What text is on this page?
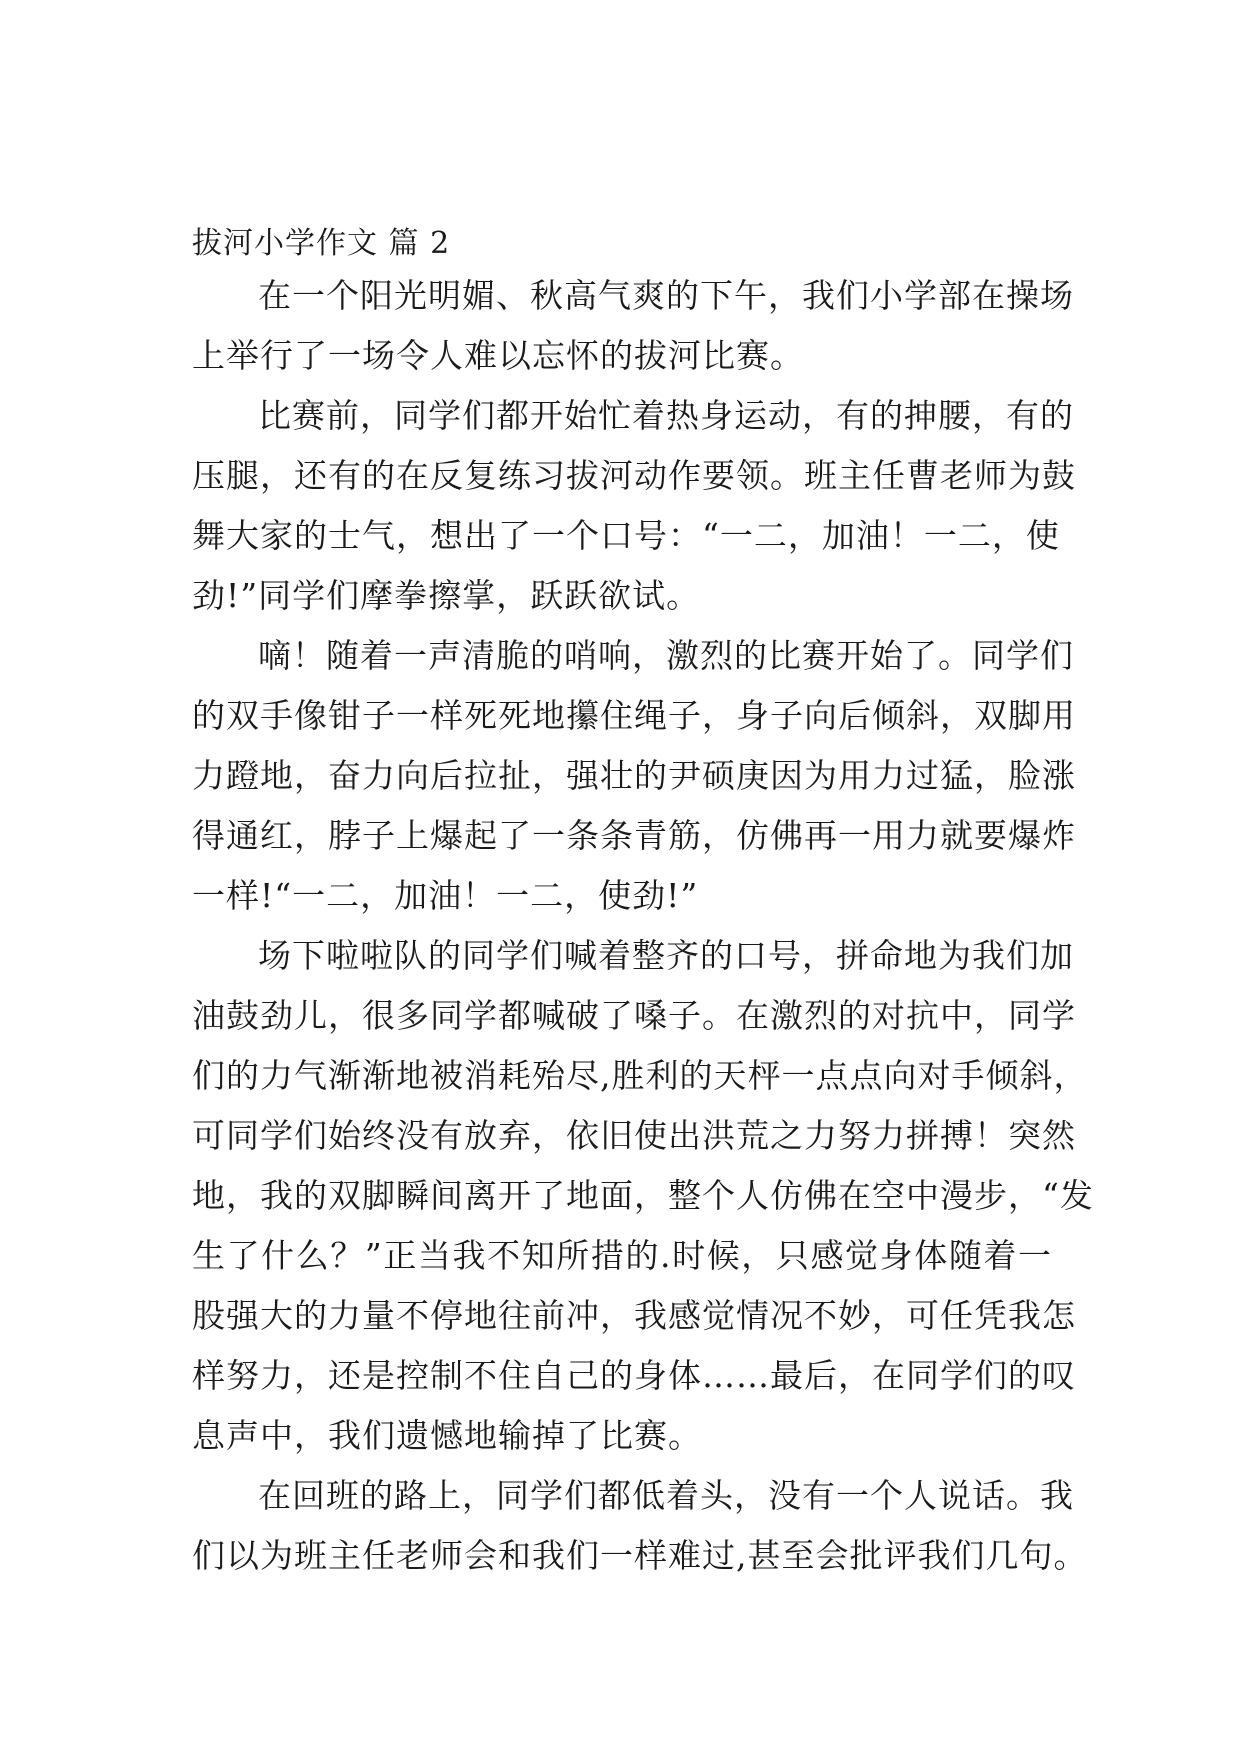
拔河小学作文 篇 2
在一个阳光明媚、秋高气爽的下午，我们小学部在操场
上举行了一场令人难以忘怀的拔河比赛。
比赛前，同学们都开始忙着热身运动，有的抻腰，有的
压腿，还有的在反复练习拔河动作要领。班主任曹老师为鼓
舞大家的士气，想出了一个口号：“一二，加油！一二，使
劲!”同学们摩拳擦掌，跃跃欲试。
嘀！随着一声清脆的哨响，激烈的比赛开始了。同学们
的双手像钳子一样死死地攥住绳子，身子向后倾斜，双脚用
力蹬地，奋力向后拉扯，强壮的尹硕庚因为用力过猛，脸涨
得通红，脖子上爆起了一条条青筋，仿佛再一用力就要爆炸
一样!“一二，加油！一二，使劲!”
场下啦啦队的同学们喊着整齐的口号，拼命地为我们加
油鼓劲儿，很多同学都喊破了嗓子。在激烈的对抗中，同学
们的力气渐渐地被消耗殆尽,胜利的天枰一点点向对手倾斜，
可同学们始终没有放弃，依旧使出洪荒之力努力拼搏！突然
地，我的双脚瞬间离开了地面，整个人仿佛在空中漫步，“发
生了什么？”正当我不知所措的.时候，只感觉身体随着一
股强大的力量不停地往前冲，我感觉情况不妙，可任凭我怎
样努力，还是控制不住自己的身体……最后，在同学们的叹
息声中，我们遗憾地输掉了比赛。
在回班的路上，同学们都低着头，没有一个人说话。我
们以为班主任老师会和我们一样难过,甚至会批评我们几句。
